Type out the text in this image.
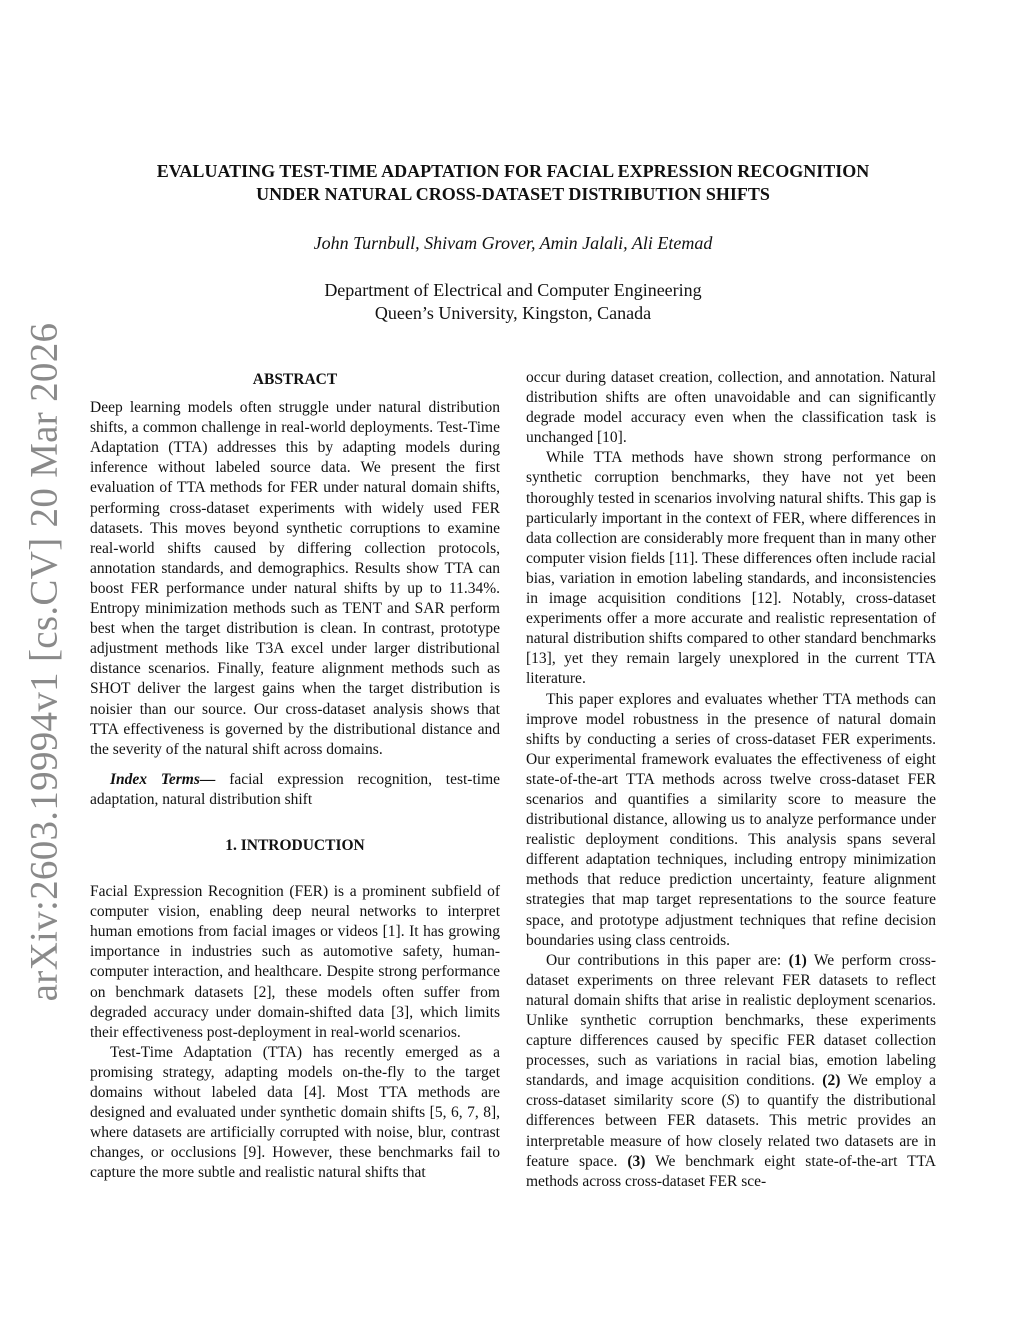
EVALUATING TEST-TIME ADAPTATION FOR FACIAL EXPRESSION RECOGNITION
UNDER NATURAL CROSS-DATASET DISTRIBUTION SHIFTS
John Turnbull, Shivam Grover, Amin Jalali, Ali Etemad
Department of Electrical and Computer Engineering
Queen’s University, Kingston, Canada
arXiv:2603.19994v1 [cs.CV] 20 Mar 2026	ABSTRACT

Deep learning models often struggle under natural distribution shifts, a common challenge in real-world deployments. Test-Time Adaptation (TTA) addresses this by adapting models during inference without labeled source data. We present the first evaluation of TTA methods for FER under natural domain shifts, performing cross-dataset experiments with widely used FER datasets. This moves beyond synthetic corruptions to examine real-world shifts caused by differing collection protocols, annotation standards, and demographics. Results show TTA can boost FER performance under natural shifts by up to 11.34%. Entropy minimization methods such as TENT and SAR perform best when the target distribution is clean. In contrast, prototype adjustment methods like T3A excel under larger distributional distance scenarios. Finally, feature alignment methods such as SHOT deliver the largest gains when the target distribution is noisier than our source. Our cross-dataset analysis shows that TTA effectiveness is governed by the distributional distance and the severity of the natural shift across domains.

Index Terms— facial expression recognition, test-time adaptation, natural distribution shift

1. INTRODUCTION

Facial Expression Recognition (FER) is a prominent subfield of computer vision, enabling deep neural networks to interpret human emotions from facial images or videos [1]. It has growing importance in industries such as automotive safety, human-computer interaction, and healthcare. Despite strong performance on benchmark datasets [2], these models often suffer from degraded accuracy under domain-shifted data [3], which limits their effectiveness post-deployment in real-world scenarios.

Test-Time Adaptation (TTA) has recently emerged as a promising strategy, adapting models on-the-fly to the target domains without labeled data [4]. Most TTA methods are designed and evaluated under synthetic domain shifts [5, 6, 7, 8], where datasets are artificially corrupted with noise, blur, contrast changes, or occlusions [9]. However, these benchmarks fail to capture the more subtle and realistic natural shifts that

occur during dataset creation, collection, and annotation. Natural distribution shifts are often unavoidable and can significantly degrade model accuracy even when the classification task is unchanged [10].

While TTA methods have shown strong performance on synthetic corruption benchmarks, they have not yet been thoroughly tested in scenarios involving natural shifts. This gap is particularly important in the context of FER, where differences in data collection are considerably more frequent than in many other computer vision fields [11]. These differences often include racial bias, variation in emotion labeling standards, and inconsistencies in image acquisition conditions [12]. Notably, cross-dataset experiments offer a more accurate and realistic representation of natural distribution shifts compared to other standard benchmarks [13], yet they remain largely unexplored in the current TTA literature.

This paper explores and evaluates whether TTA methods can improve model robustness in the presence of natural domain shifts by conducting a series of cross-dataset FER experiments. Our experimental framework evaluates the effectiveness of eight state-of-the-art TTA methods across twelve cross-dataset FER scenarios and quantifies a similarity score to measure the distributional distance, allowing us to analyze performance under realistic deployment conditions. This analysis spans several different adaptation techniques, including entropy minimization methods that reduce prediction uncertainty, feature alignment strategies that map target representations to the source feature space, and prototype adjustment techniques that refine decision boundaries using class centroids.

Our contributions in this paper are: (1) We perform cross-dataset experiments on three relevant FER datasets to reflect natural domain shifts that arise in realistic deployment scenarios. Unlike synthetic corruption benchmarks, these experiments capture differences caused by specific FER dataset collection processes, such as variations in racial bias, emotion labeling standards, and image acquisition conditions. (2) We employ a cross-dataset similarity score (S) to quantify the distributional differences between FER datasets. This metric provides an interpretable measure of how closely related two datasets are in feature space. (3) We benchmark eight state-of-the-art TTA methods across cross-dataset FER sce-
